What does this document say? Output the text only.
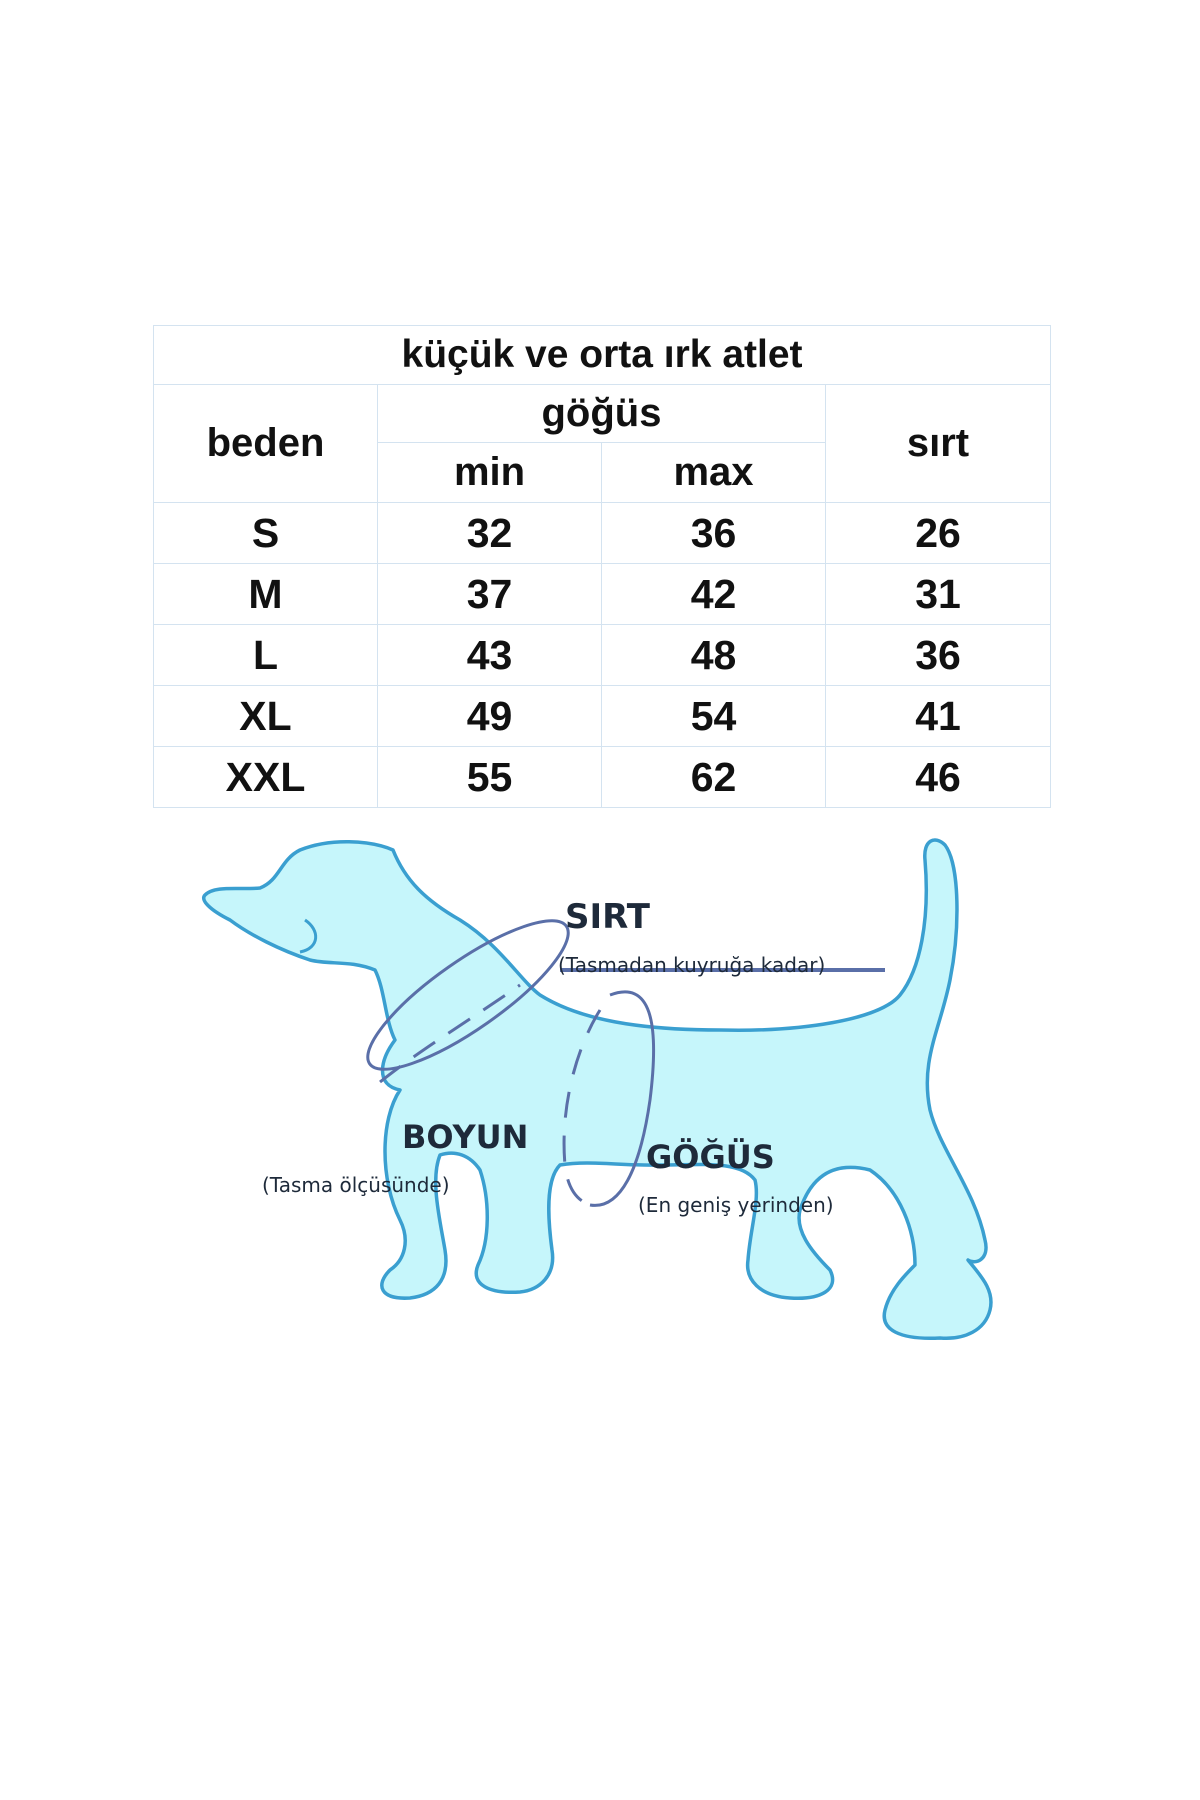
küçük ve orta ırk atlet			
beden	göğüs		sırt
	min	max	
S	32	36	26
M	37	42	31
L	43	48	36
XL	49	54	41
XXL	55	62	46
SIRT
(Tasmadan kuyruğa kadar)
BOYUN
(Tasma ölçüsünde)
GÖĞÜS
(En geniş yerinden)
